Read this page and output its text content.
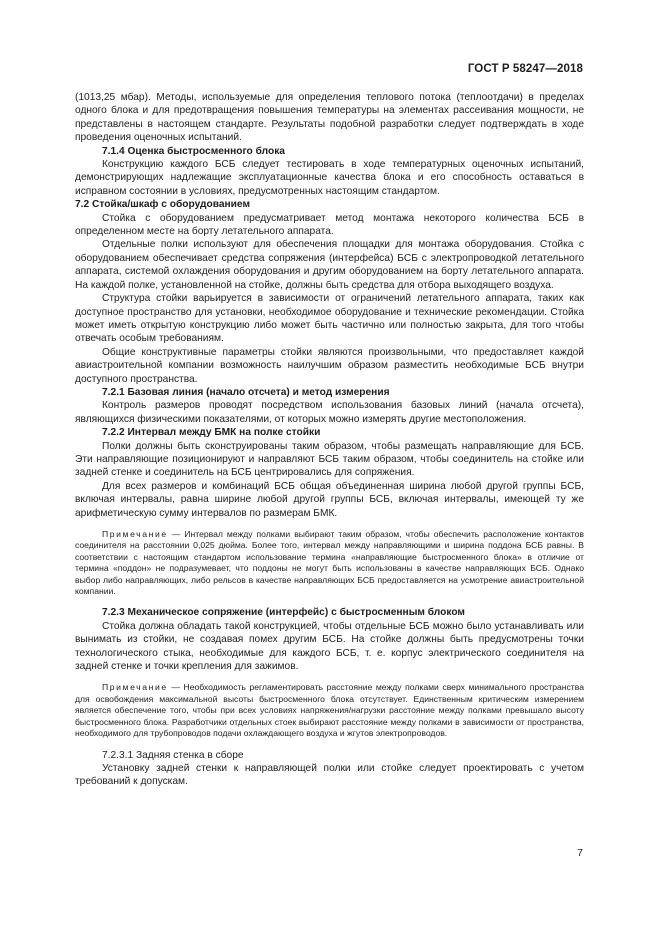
ГОСТ Р 58247—2018

(1013,25 мбар). Методы, используемые для определения теплового потока (теплоотдачи) в пределах одного блока и для предотвращения повышения температуры на элементах рассеивания мощности, не представлены в настоящем стандарте. Результаты подобной разработки следует подтверждать в ходе проведения оценочных испытаний.

7.1.4 Оценка быстросменного блока

Конструкцию каждого БСБ следует тестировать в ходе температурных оценочных испытаний, демонстрирующих надлежащие эксплуатационные качества блока и его способность оставаться в исправном состоянии в условиях, предусмотренных настоящим стандартом.

7.2 Стойка/шкаф с оборудованием

Стойка с оборудованием предусматривает метод монтажа некоторого количества БСБ в определенном месте на борту летательного аппарата.

Отдельные полки используют для обеспечения площадки для монтажа оборудования. Стойка с оборудованием обеспечивает средства сопряжения (интерфейса) БСБ с электропроводкой летательного аппарата, системой охлаждения оборудования и другим оборудованием на борту летательного аппарата. На каждой полке, установленной на стойке, должны быть средства для отбора выходящего воздуха.

Структура стойки варьируется в зависимости от ограничений летательного аппарата, таких как доступное пространство для установки, необходимое оборудование и технические рекомендации. Стойка может иметь открытую конструкцию либо может быть частично или полностью закрыта, для того чтобы отвечать особым требованиям.

Общие конструктивные параметры стойки являются произвольными, что предоставляет каждой авиастроительной компании возможность наилучшим образом разместить необходимые БСБ внутри доступного пространства.

7.2.1 Базовая линия (начало отсчета) и метод измерения

Контроль размеров проводят посредством использования базовых линий (начала отсчета), являющихся физическими показателями, от которых можно измерять другие местоположения.

7.2.2 Интервал между БМК на полке стойки

Полки должны быть сконструированы таким образом, чтобы размещать направляющие для БСБ. Эти направляющие позиционируют и направляют БСБ таким образом, чтобы соединитель на стойке или задней стенке и соединитель на БСБ центрировались для сопряжения.

Для всех размеров и комбинаций БСБ общая объединенная ширина любой другой группы БСБ, включая интервалы, равна ширине любой другой группы БСБ, включая интервалы, имеющей ту же арифметическую сумму интервалов по размерам БМК.

Примечание — Интервал между полками выбирают таким образом, чтобы обеспечить расположение контактов соединителя на расстоянии 0,025 дюйма. Более того, интервал между направляющими и ширина поддона БСБ равны. В соответствии с настоящим стандартом использование термина «направляющие быстросменного блока» в отличие от термина «поддон» не подразумевает, что поддоны не могут быть использованы в качестве направляющих БСБ. Однако выбор либо направляющих, либо рельсов в качестве направляющих БСБ предоставляется на усмотрение авиастроительной компании.

7.2.3 Механическое сопряжение (интерфейс) с быстросменным блоком

Стойка должна обладать такой конструкцией, чтобы отдельные БСБ можно было устанавливать или вынимать из стойки, не создавая помех другим БСБ. На стойке должны быть предусмотрены точки технологического стыка, необходимые для каждого БСБ, т. е. корпус электрического соединителя на задней стенке и точки крепления для зажимов.

Примечание — Необходимость регламентировать расстояние между полками сверх минимального пространства для освобождения максимальной высоты быстросменного блока отсутствует. Единственным критическим измерением является обеспечение того, чтобы при всех условиях напряжения/нагрузки расстояние между полками превышало высоту быстросменного блока. Разработчики отдельных стоек выбирают расстояние между полками в зависимости от пространства, необходимого для трубопроводов подачи охлаждающего воздуха и жгутов электропроводов.

7.2.3.1 Задняя стенка в сборе

Установку задней стенки к направляющей полки или стойке следует проектировать с учетом требований к допускам.

7
